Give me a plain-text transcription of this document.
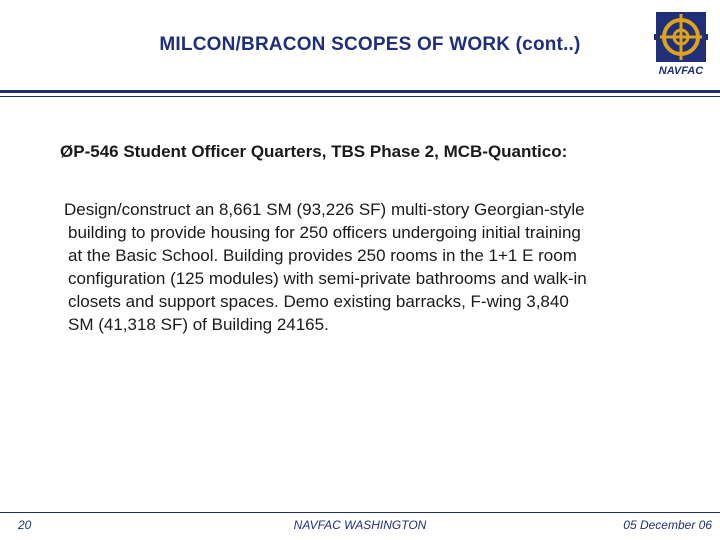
MILCON/BRACON SCOPES OF WORK (cont..)
NAVFAC
ØP-546 Student Officer Quarters, TBS Phase 2, MCB-Quantico:
Design/construct an 8,661 SM (93,226 SF) multi-story Georgian-style
building to provide housing for 250 officers undergoing initial training
at the Basic School. Building provides 250 rooms in the 1+1 E room
configuration (125 modules) with semi-private bathrooms and walk-in
closets and support spaces. Demo existing barracks, F-wing 3,840
SM (41,318 SF) of Building 24165.
20	NAVFAC WASHINGTON	05 December 06
